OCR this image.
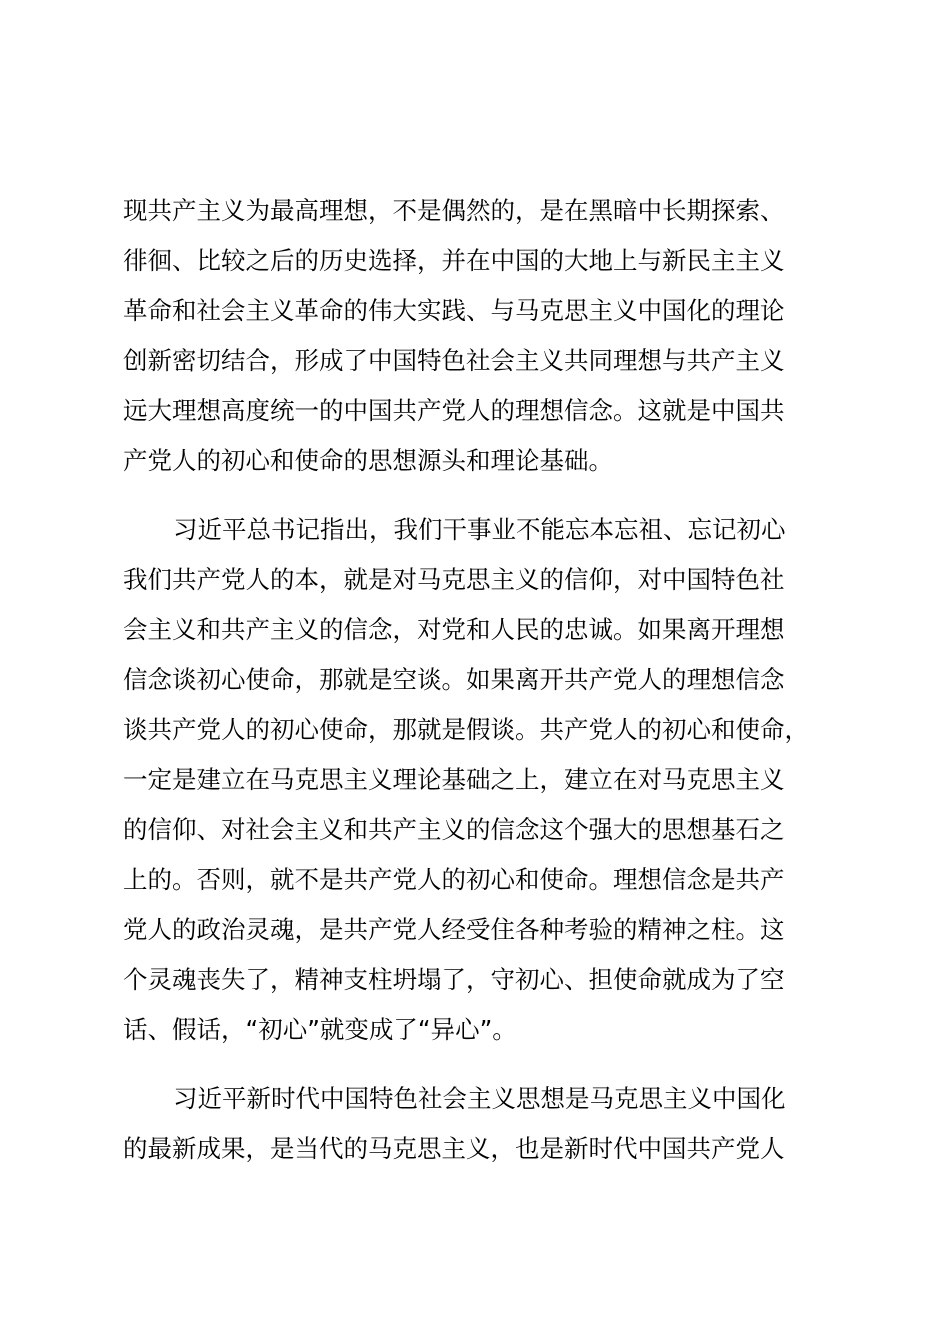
现共产主义为最高理想，不是偶然的，是在黑暗中长期探索、
徘徊、比较之后的历史选择，并在中国的大地上与新民主主义
革命和社会主义革命的伟大实践、与马克思主义中国化的理论
创新密切结合，形成了中国特色社会主义共同理想与共产主义
远大理想高度统一的中国共产党人的理想信念。这就是中国共
产党人的初心和使命的思想源头和理论基础。
习近平总书记指出，我们干事业不能忘本忘祖、忘记初心
我们共产党人的本，就是对马克思主义的信仰，对中国特色社
会主义和共产主义的信念，对党和人民的忠诚。如果离开理想
信念谈初心使命，那就是空谈。如果离开共产党人的理想信念
谈共产党人的初心使命，那就是假谈。共产党人的初心和使命，
一定是建立在马克思主义理论基础之上，建立在对马克思主义
的信仰、对社会主义和共产主义的信念这个强大的思想基石之
上的。否则，就不是共产党人的初心和使命。理想信念是共产
党人的政治灵魂，是共产党人经受住各种考验的精神之柱。这
个灵魂丧失了，精神支柱坍塌了，守初心、担使命就成为了空
话、假话，“初心”就变成了“异心”。
习近平新时代中国特色社会主义思想是马克思主义中国化
的最新成果，是当代的马克思主义，也是新时代中国共产党人
